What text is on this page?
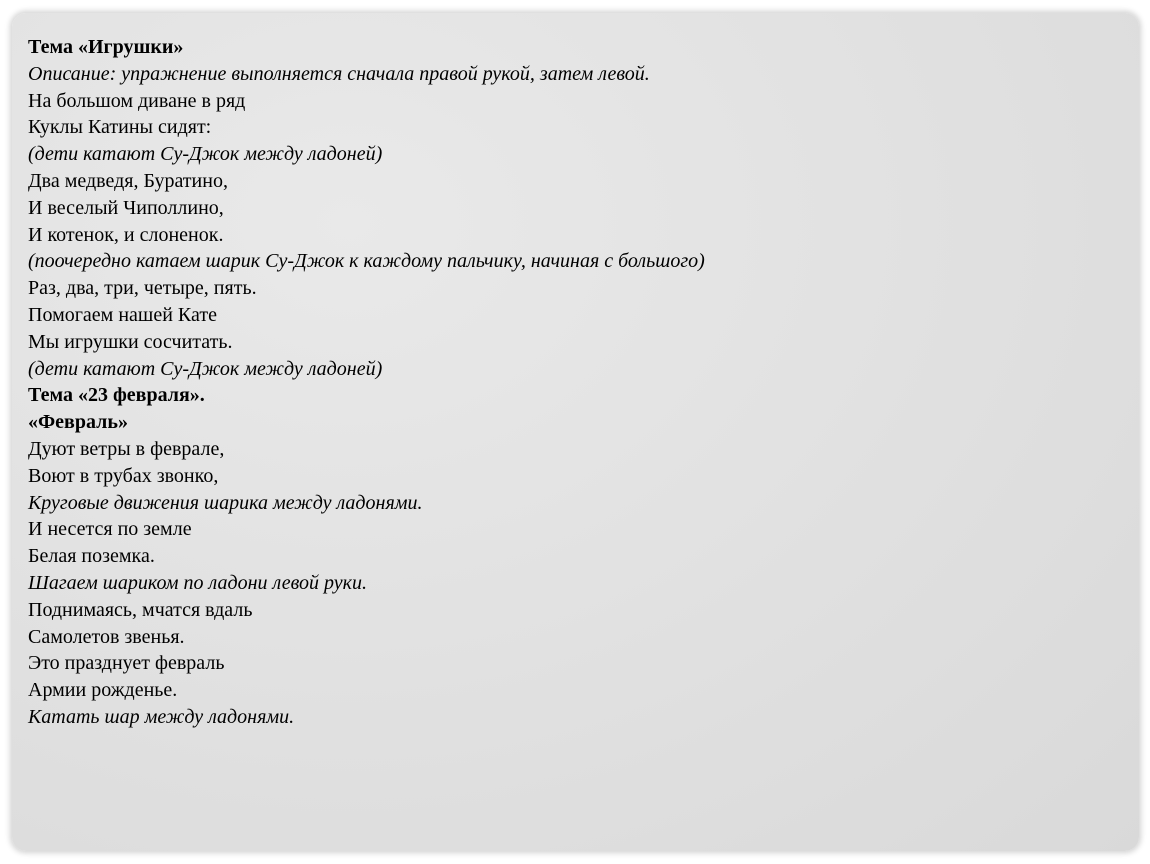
Тема «Игрушки»
Описание: упражнение выполняется сначала правой рукой, затем левой.
На большом диване в ряд
Куклы Катины сидят:
(дети катают Су-Джок между ладоней)
Два медведя, Буратино,
И веселый Чиполлино,
И котенок, и слоненок.
(поочередно катаем шарик Су-Джок к каждому пальчику, начиная с большого)
Раз, два, три, четыре, пять.
Помогаем нашей Кате
Мы игрушки сосчитать.
(дети катают Су-Джок между ладоней)
Тема «23 февраля».
«Февраль»
Дуют ветры в феврале,
Воют в трубах звонко,
Круговые движения шарика между ладонями.
И несется по земле
Белая поземка.
Шагаем шариком по ладони левой руки.
Поднимаясь, мчатся вдаль
Самолетов звенья.
Это празднует февраль
Армии рожденье.
Катать шар между ладонями.
